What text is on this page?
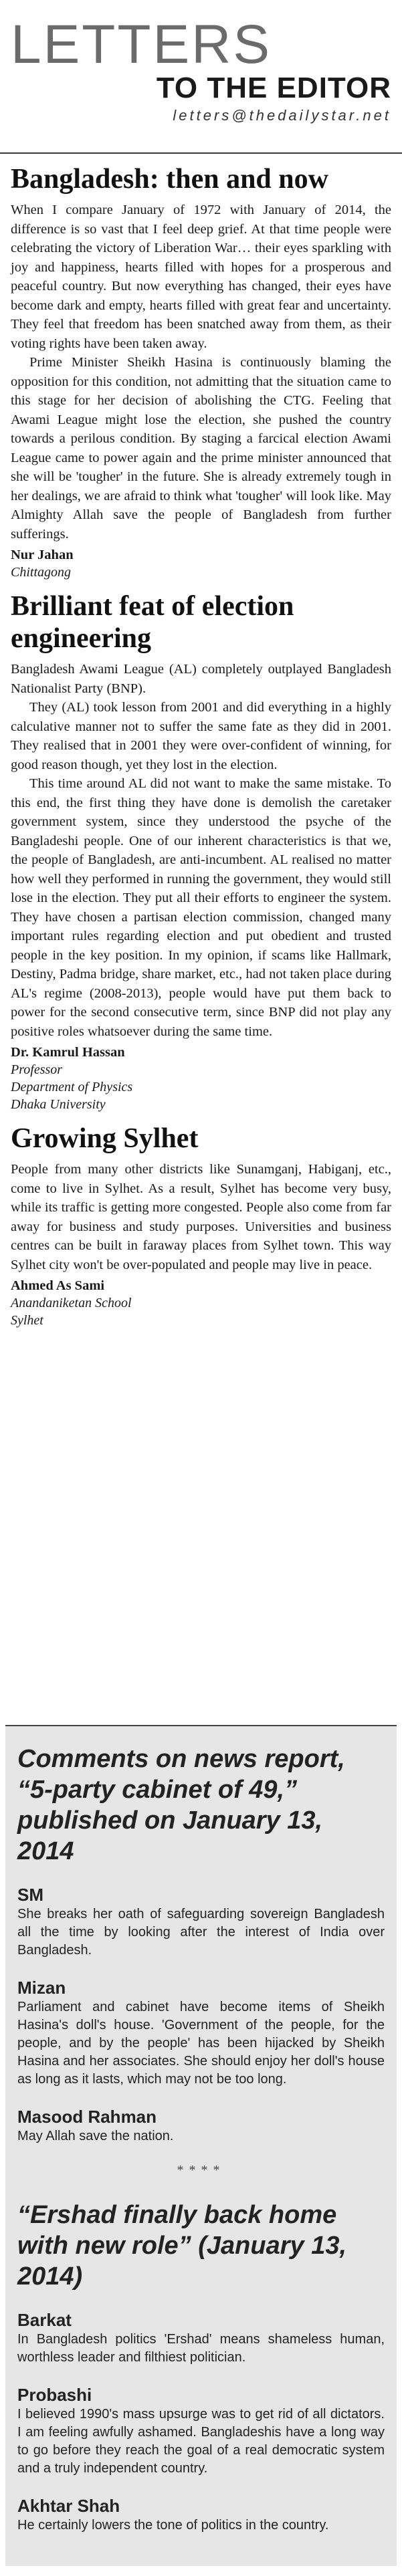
LETTERS
TO THE EDITOR
letters@thedailystar.net
Bangladesh: then and now

When I compare January of 1972 with January of 2014, the difference is so vast that I feel deep grief. At that time people were celebrating the victory of Liberation War… their eyes sparkling with joy and happiness, hearts filled with hopes for a prosperous and peaceful country. But now everything has changed, their eyes have become dark and empty, hearts filled with great fear and uncertainty. They feel that freedom has been snatched away from them, as their voting rights have been taken away.

Prime Minister Sheikh Hasina is continuously blaming the opposition for this condition, not admitting that the situation came to this stage for her decision of abolishing the CTG. Feeling that Awami League might lose the election, she pushed the country towards a perilous condition. By staging a farcical election Awami League came to power again and the prime minister announced that she will be 'tougher' in the future. She is already extremely tough in her dealings, we are afraid to think what 'tougher' will look like. May Almighty Allah save the people of Bangladesh from further sufferings.

Nur Jahan
Chittagong
Brilliant feat of election engineering

Bangladesh Awami League (AL) completely outplayed Bangladesh Nationalist Party (BNP).

They (AL) took lesson from 2001 and did everything in a highly calculative manner not to suffer the same fate as they did in 2001. They realised that in 2001 they were over-confident of winning, for good reason though, yet they lost in the election.

This time around AL did not want to make the same mistake. To this end, the first thing they have done is demolish the caretaker government system, since they understood the psyche of the Bangladeshi people. One of our inherent characteristics is that we, the people of Bangladesh, are anti-incumbent. AL realised no matter how well they performed in running the government, they would still lose in the election. They put all their efforts to engineer the system. They have chosen a partisan election commission, changed many important rules regarding election and put obedient and trusted people in the key position. In my opinion, if scams like Hallmark, Destiny, Padma bridge, share market, etc., had not taken place during AL's regime (2008-2013), people would have put them back to power for the second consecutive term, since BNP did not play any positive roles whatsoever during the same time.

Dr. Kamrul Hassan
Professor
Department of Physics
Dhaka University
Growing Sylhet

People from many other districts like Sunamganj, Habiganj, etc., come to live in Sylhet. As a result, Sylhet has become very busy, while its traffic is getting more congested. People also come from far away for business and study purposes. Universities and business centres can be built in faraway places from Sylhet town. This way Sylhet city won't be over-populated and people may live in peace.

Ahmed As Sami
Anandaniketan School
Sylhet
Comments on news report, “5-party cabinet of 49,” published on January 13, 2014
SM
She breaks her oath of safeguarding sovereign Bangladesh all the time by looking after the interest of India over Bangladesh.
Mizan
Parliament and cabinet have become items of Sheikh Hasina's doll's house. 'Government of the people, for the people, and by the people' has been hijacked by Sheikh Hasina and her associates. She should enjoy her doll's house as long as it lasts, which may not be too long.
Masood Rahman
May Allah save the nation.
****
“Ershad finally back home with new role” (January 13, 2014)
Barkat
In Bangladesh politics 'Ershad' means shameless human, worthless leader and filthiest politician.
Probashi
I believed 1990's mass upsurge was to get rid of all dictators. I am feeling awfully ashamed. Bangladeshis have a long way to go before they reach the goal of a real democratic system and a truly independent country.
Akhtar Shah
He certainly lowers the tone of politics in the country.
